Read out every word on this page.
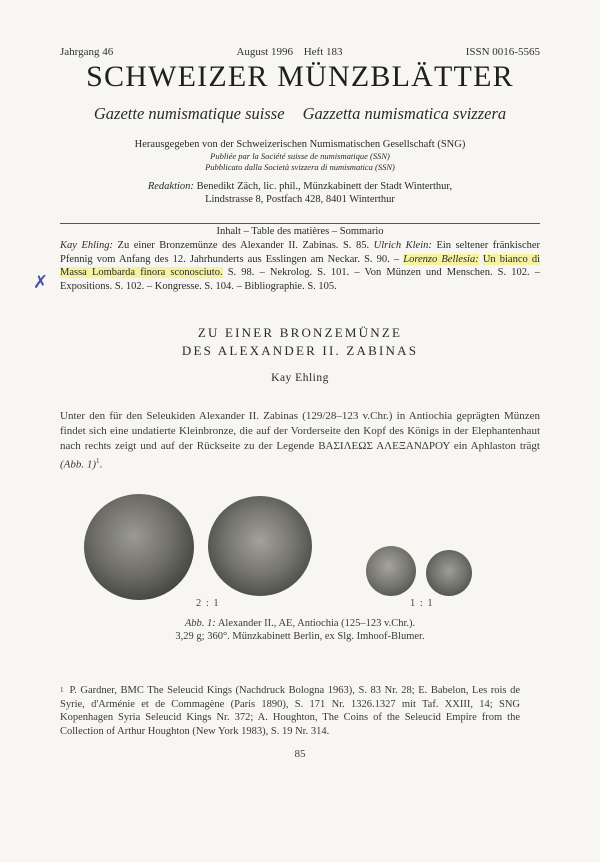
Jahrgang 46	August 1996 Heft 183	ISSN 0016-5565
SCHWEIZER MÜNZBLÄTTER
Gazette numismatique suisse Gazzetta numismatica svizzera
Herausgegeben von der Schweizerischen Numismatischen Gesellschaft (SNG)
Publiée par la Société suisse de numismatique (SSN)
Pubblicato dalla Società svizzera di numismatica (SSN)
Redaktion: Benedikt Zäch, lic. phil., Münzkabinett der Stadt Winterthur,
Lindstrasse 8, Postfach 428, 8401 Winterthur
Inhalt – Table des matières – Sommario
Kay Ehling: Zu einer Bronzemünze des Alexander II. Zabinas. S. 85. Ulrich Klein: Ein seltener fränkischer Pfennig vom Anfang des 12. Jahrhunderts aus Esslingen am Neckar. S. 90. – Lorenzo Bellesia: Un bianco di Massa Lombarda finora sconosciuto. S. 98. – Nekrolog. S. 101. – Von Münzen und Menschen. S. 102. – Expositions. S. 102. – Kongresse. S. 104. – Bibliographie. S. 105.
✗
ZU EINER BRONZEMÜNZE
DES ALEXANDER II. ZABINAS
Kay Ehling
Unter den für den Seleukiden Alexander II. Zabinas (129/28–123 v.Chr.) in Antiochia geprägten Münzen findet sich eine undatierte Kleinbronze, die auf der Vorderseite den Kopf des Königs in der Elephantenhaut nach rechts zeigt und auf der Rückseite zu der Legende ΒΑΣΙΛΕΩΣ ΑΛΕΞΑΝΔΡΟΥ ein Aphlaston trägt (Abb. 1)$^1$.
2 : 1	1 : 1
Abb. 1: Alexander II., AE, Antiochia (125–123 v.Chr.).
3,29 g; 360°. Münzkabinett Berlin, ex Slg. Imhoof-Blumer.
$^1$ P. Gardner, BMC The Seleucid Kings (Nachdruck Bologna 1963), S. 83 Nr. 28; E. Babelon, Les rois de Syrie, d'Arménie et de Commagène (Paris 1890), S. 171 Nr. 1326.1327 mit Taf. XXIII, 14; SNG Kopenhagen Syria Seleucid Kings Nr. 372; A. Houghton, The Coins of the Seleucid Empire from the Collection of Arthur Houghton (New York 1983), S. 19 Nr. 314.
85
